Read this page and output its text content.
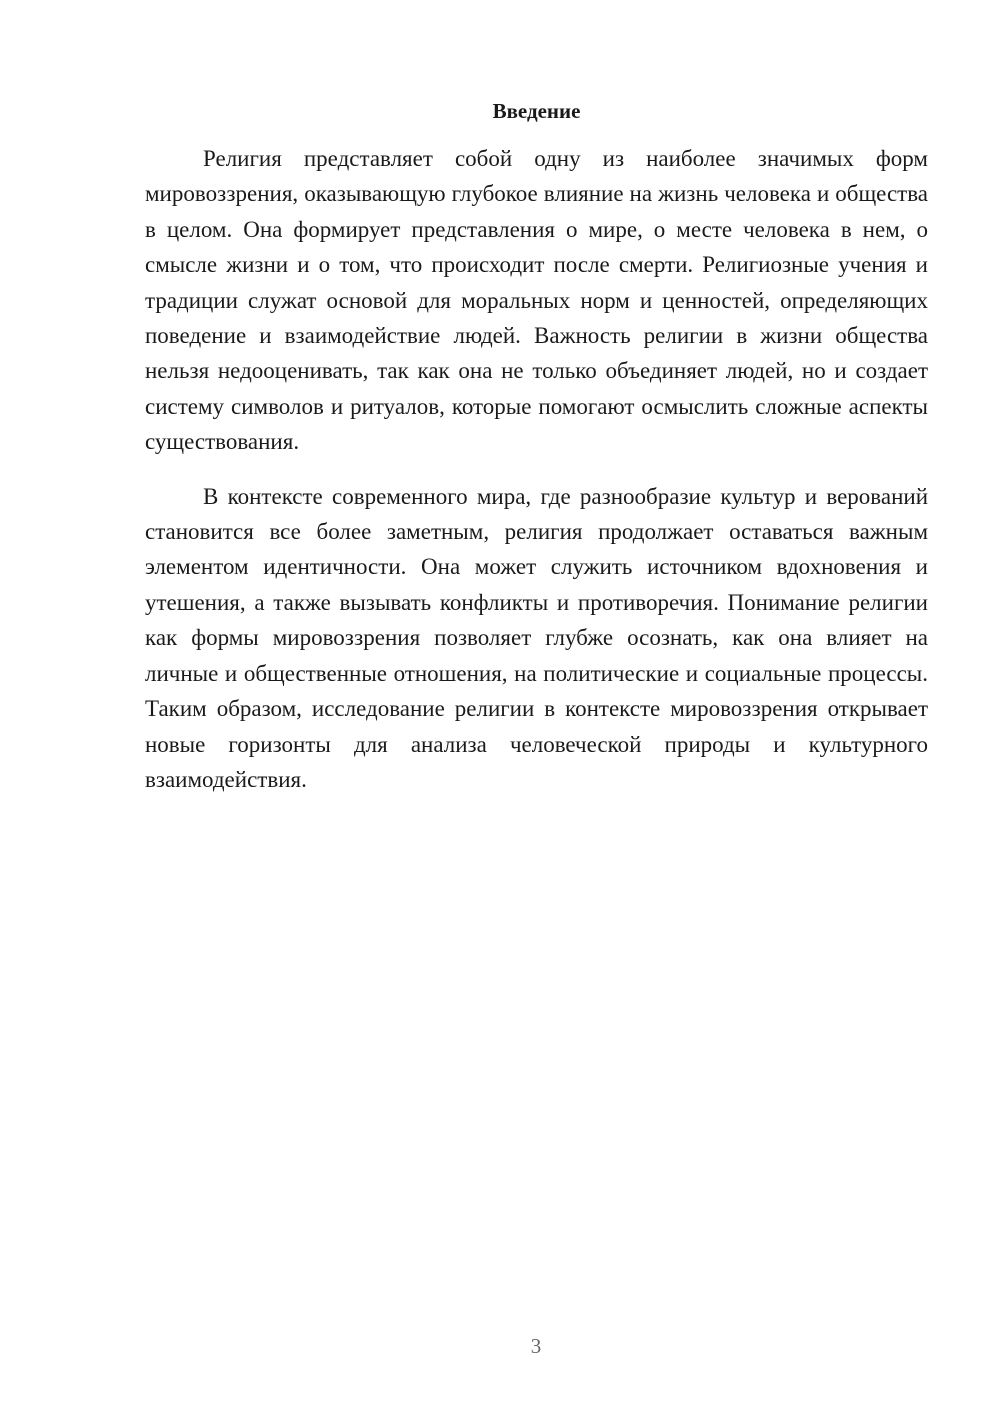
Введение

Религия представляет собой одну из наиболее значимых форм мировоззрения, оказывающую глубокое влияние на жизнь человека и общества в целом. Она формирует представления о мире, о месте человека в нем, о смысле жизни и о том, что происходит после смерти. Религиозные учения и традиции служат основой для моральных норм и ценностей, определяющих поведение и взаимодействие людей. Важность религии в жизни общества нельзя недооценивать, так как она не только объединяет людей, но и создает систему символов и ритуалов, которые помогают осмыслить сложные аспекты существования.

В контексте современного мира, где разнообразие культур и верований становится все более заметным, религия продолжает оставаться важным элементом идентичности. Она может служить источником вдохновения и утешения, а также вызывать конфликты и противоречия. Понимание религии как формы мировоззрения позволяет глубже осознать, как она влияет на личные и общественные отношения, на политические и социальные процессы. Таким образом, исследование религии в контексте мировоззрения открывает новые горизонты для анализа человеческой природы и культурного взаимодействия.

3
